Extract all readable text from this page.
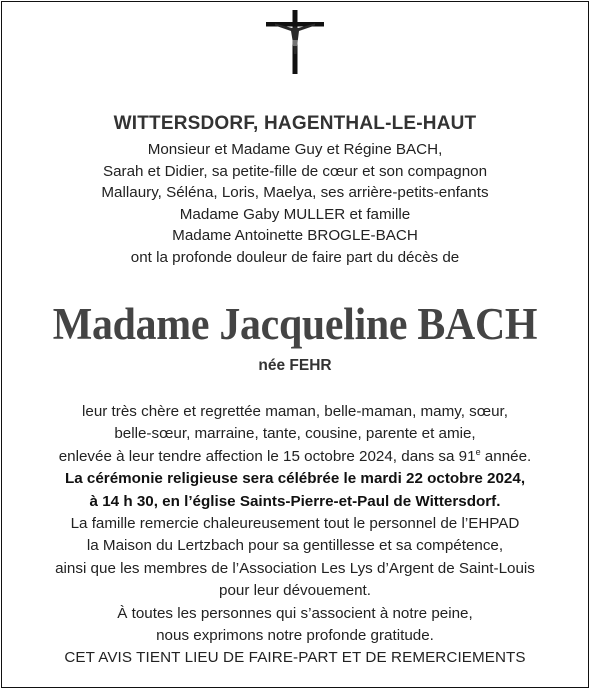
WITTERSDORF, HAGENTHAL-LE-HAUT
Monsieur et Madame Guy et Régine BACH,
Sarah et Didier, sa petite-fille de cœur et son compagnon
Mallaury, Séléna, Loris, Maelya, ses arrière-petits-enfants
Madame Gaby MULLER et famille
Madame Antoinette BROGLE-BACH
ont la profonde douleur de faire part du décès de
Madame Jacqueline BACH
née FEHR
leur très chère et regrettée maman, belle-maman, mamy, sœur,
belle-sœur, marraine, tante, cousine, parente et amie,
enlevée à leur tendre affection le 15 octobre 2024, dans sa 91e année.
La cérémonie religieuse sera célébrée le mardi 22 octobre 2024,
à 14 h 30, en l’église Saints-Pierre-et-Paul de Wittersdorf.
La famille remercie chaleureusement tout le personnel de l’EHPAD
la Maison du Lertzbach pour sa gentillesse et sa compétence,
ainsi que les membres de l’Association Les Lys d’Argent de Saint-Louis
pour leur dévouement.
À toutes les personnes qui s’associent à notre peine,
nous exprimons notre profonde gratitude.
CET AVIS TIENT LIEU DE FAIRE-PART ET DE REMERCIEMENTS
